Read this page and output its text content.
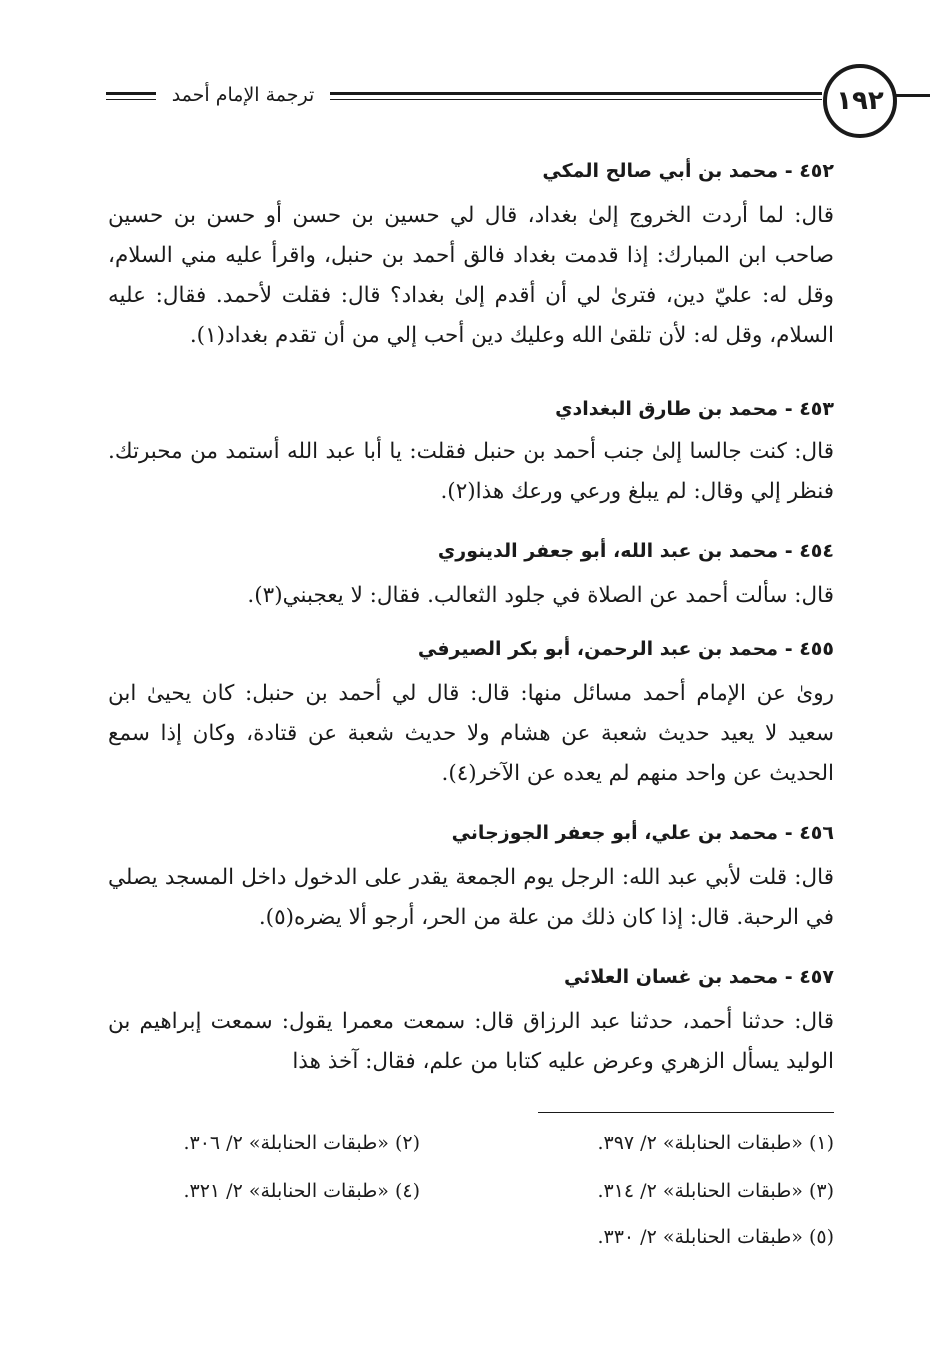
ترجمة الإمام أحمد	١٩٢
٤٥٢ - محمد بن أبي صالح المكي
قال: لما أردت الخروج إلىٰ بغداد، قال لي حسين بن حسن أو حسن بن حسين صاحب ابن المبارك: إذا قدمت بغداد فالق أحمد بن حنبل، واقرأ عليه مني السلام، وقل له: عليّ دين، فترىٰ لي أن أقدم إلىٰ بغداد؟ قال: فقلت لأحمد. فقال: عليه السلام، وقل له: لأن تلقىٰ الله وعليك دين أحب إلي من أن تقدم بغداد(١).
٤٥٣ - محمد بن طارق البغدادي
قال: كنت جالسا إلىٰ جنب أحمد بن حنبل فقلت: يا أبا عبد الله أستمد من محبرتك. فنظر إلي وقال: لم يبلغ ورعي ورعك هذا(٢).
٤٥٤ - محمد بن عبد الله، أبو جعفر الدينوري
قال: سألت أحمد عن الصلاة في جلود الثعالب. فقال: لا يعجبني(٣).
٤٥٥ - محمد بن عبد الرحمن، أبو بكر الصيرفي
روىٰ عن الإمام أحمد مسائل منها: قال: قال لي أحمد بن حنبل: كان يحيىٰ ابن سعيد لا يعيد حديث شعبة عن هشام ولا حديث شعبة عن قتادة، وكان إذا سمع الحديث عن واحد منهم لم يعده عن الآخر(٤).
٤٥٦ - محمد بن علي، أبو جعفر الجوزجاني
قال: قلت لأبي عبد الله: الرجل يوم الجمعة يقدر على الدخول داخل المسجد يصلي في الرحبة. قال: إذا كان ذلك من علة من الحر، أرجو ألا يضره(٥).
٤٥٧ - محمد بن غسان العلائي
قال: حدثنا أحمد، حدثنا عبد الرزاق قال: سمعت معمرا يقول: سمعت إبراهيم بن الوليد يسأل الزهري وعرض عليه كتابا من علم، فقال: آخذ هذا
(١) «طبقات الحنابلة» ٢/ ٣٩٧.
(٢) «طبقات الحنابلة» ٢/ ٣٠٦.
(٣) «طبقات الحنابلة» ٢/ ٣١٤.
(٤) «طبقات الحنابلة» ٢/ ٣٢١.
(٥) «طبقات الحنابلة» ٢/ ٣٣٠.
